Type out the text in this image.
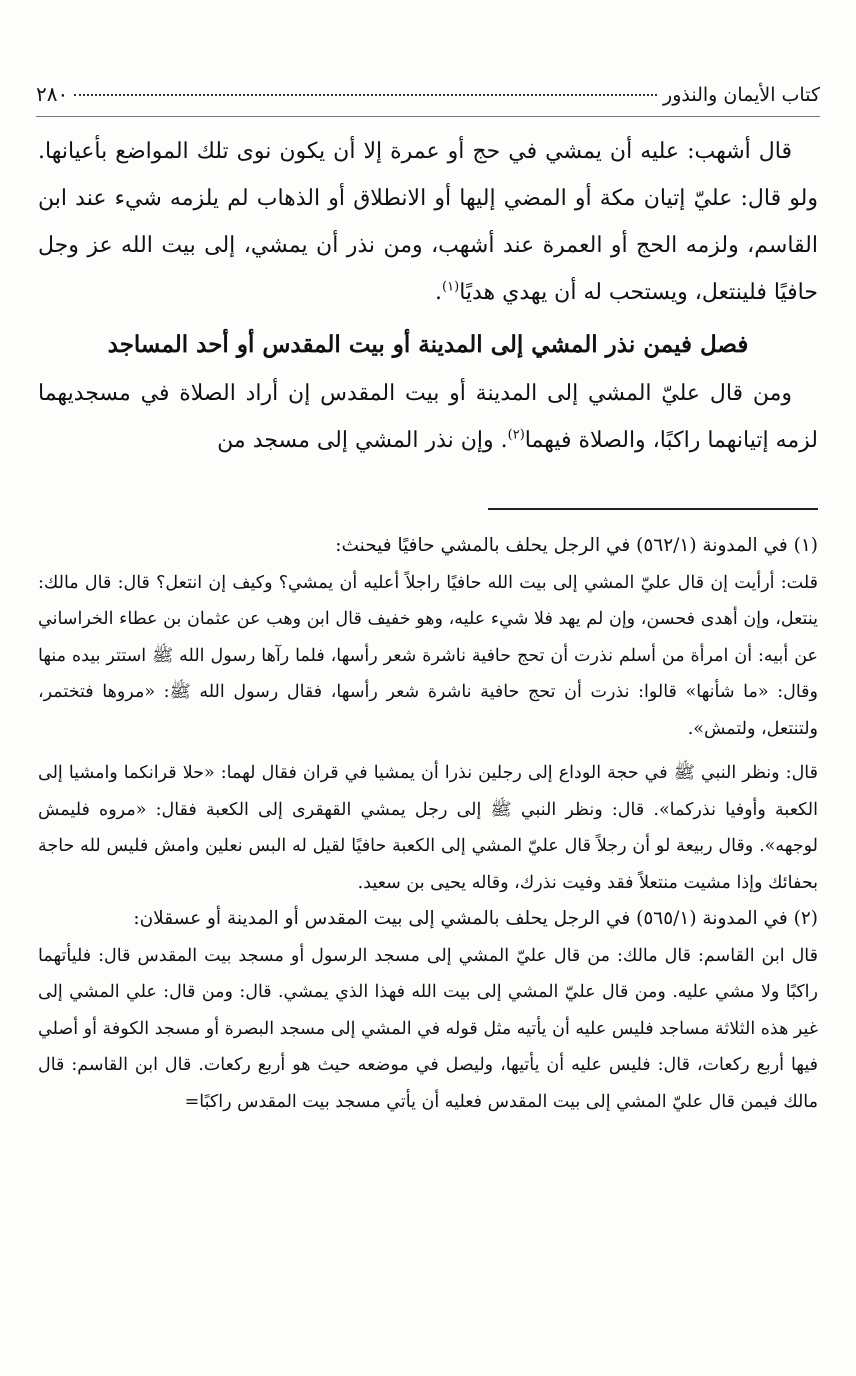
كتاب الأيمان والنذور
٢٨٠

قال أشهب: عليه أن يمشي في حج أو عمرة إلا أن يكون نوى تلك المواضع بأعيانها. ولو قال: عليّ إتيان مكة أو المضي إليها أو الانطلاق أو الذهاب لم يلزمه شيء عند ابن القاسم، ولزمه الحج أو العمرة عند أشهب، ومن نذر أن يمشي، إلى بيت الله عز وجل حافيًا فلينتعل، ويستحب له أن يهدي هديًا$^{(١)}$.

فصل فيمن نذر المشي إلى المدينة أو بيت المقدس أو أحد المساجد

ومن قال عليّ المشي إلى المدينة أو بيت المقدس إن أراد الصلاة في مسجديهما لزمه إتيانهما راكبًا، والصلاة فيهما$^{(٢)}$. وإن نذر المشي إلى مسجد من

(١) في المدونة (٥٦٢/١) في الرجل يحلف بالمشي حافيًا فيحنث:

قلت: أرأيت إن قال عليّ المشي إلى بيت الله حافيًا راجلاً أعليه أن يمشي؟ وكيف إن انتعل؟ قال: قال مالك: ينتعل، وإن أهدى فحسن، وإن لم يهد فلا شيء عليه، وهو خفيف قال ابن وهب عن عثمان بن عطاء الخراساني عن أبيه: أن امرأة من أسلم نذرت أن تحج حافية ناشرة شعر رأسها، فلما رآها رسول الله ﷺ استتر بيده منها وقال: «ما شأنها» قالوا: نذرت أن تحج حافية ناشرة شعر رأسها، فقال رسول الله ﷺ: «مروها فتختمر، ولتنتعل، ولتمش».

قال: ونظر النبي ﷺ في حجة الوداع إلى رجلين نذرا أن يمشيا في قران فقال لهما: «حلا قرانكما وامشيا إلى الكعبة وأوفيا نذركما». قال: ونظر النبي ﷺ إلى رجل يمشي القهقرى إلى الكعبة فقال: «مروه فليمش لوجهه». وقال ربيعة لو أن رجلاً قال عليّ المشي إلى الكعبة حافيًا لقيل له البس نعلين وامش فليس لله حاجة بحفائك وإذا مشيت منتعلاً فقد وفيت نذرك، وقاله يحيى بن سعيد.

(٢) في المدونة (٥٦٥/١) في الرجل يحلف بالمشي إلى بيت المقدس أو المدينة أو عسقلان:

قال ابن القاسم: قال مالك: من قال عليّ المشي إلى مسجد الرسول أو مسجد بيت المقدس قال: فليأتهما راكبًا ولا مشي عليه. ومن قال عليّ المشي إلى بيت الله فهذا الذي يمشي. قال: ومن قال: علي المشي إلى غير هذه الثلاثة مساجد فليس عليه أن يأتيه مثل قوله في المشي إلى مسجد البصرة أو مسجد الكوفة أو أصلي فيها أربع ركعات، قال: فليس عليه أن يأتيها، وليصل في موضعه حيث هو أربع ركعات. قال ابن القاسم: قال مالك فيمن قال عليّ المشي إلى بيت المقدس فعليه أن يأتي مسجد بيت المقدس راكبًا=
